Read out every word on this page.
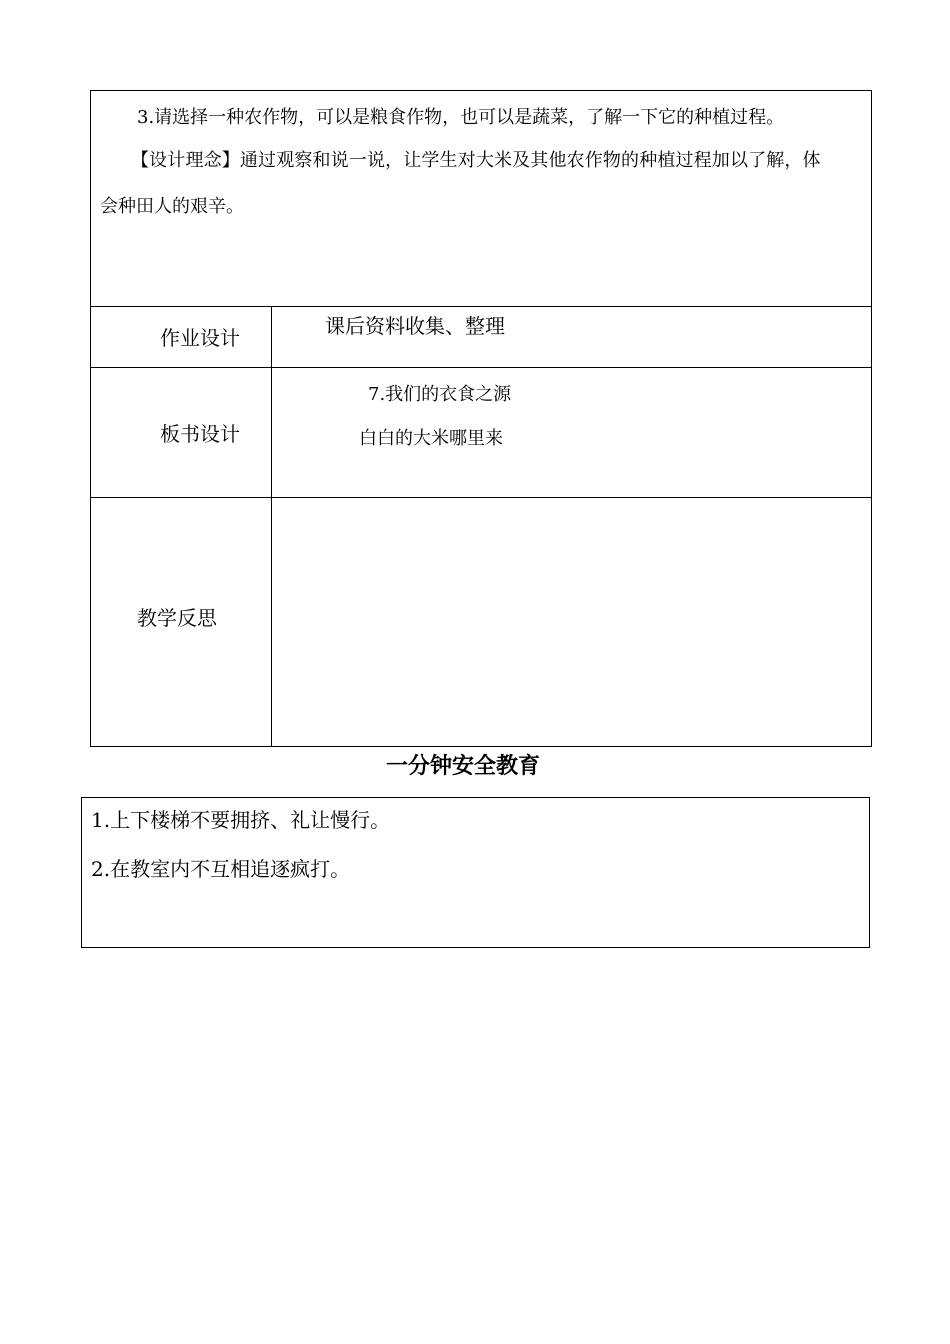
3.请选择一种农作物，可以是粮食作物，也可以是蔬菜，了解一下它的种植过程。
【设计理念】通过观察和说一说，让学生对大米及其他农作物的种植过程加以了解，体
会种田人的艰辛。
作业设计	课后资料收集、整理
板书设计
7.我们的衣食之源
白白的大米哪里来
教学反思
一分钟安全教育
1.上下楼梯不要拥挤、礼让慢行。
2.在教室内不互相追逐疯打。
